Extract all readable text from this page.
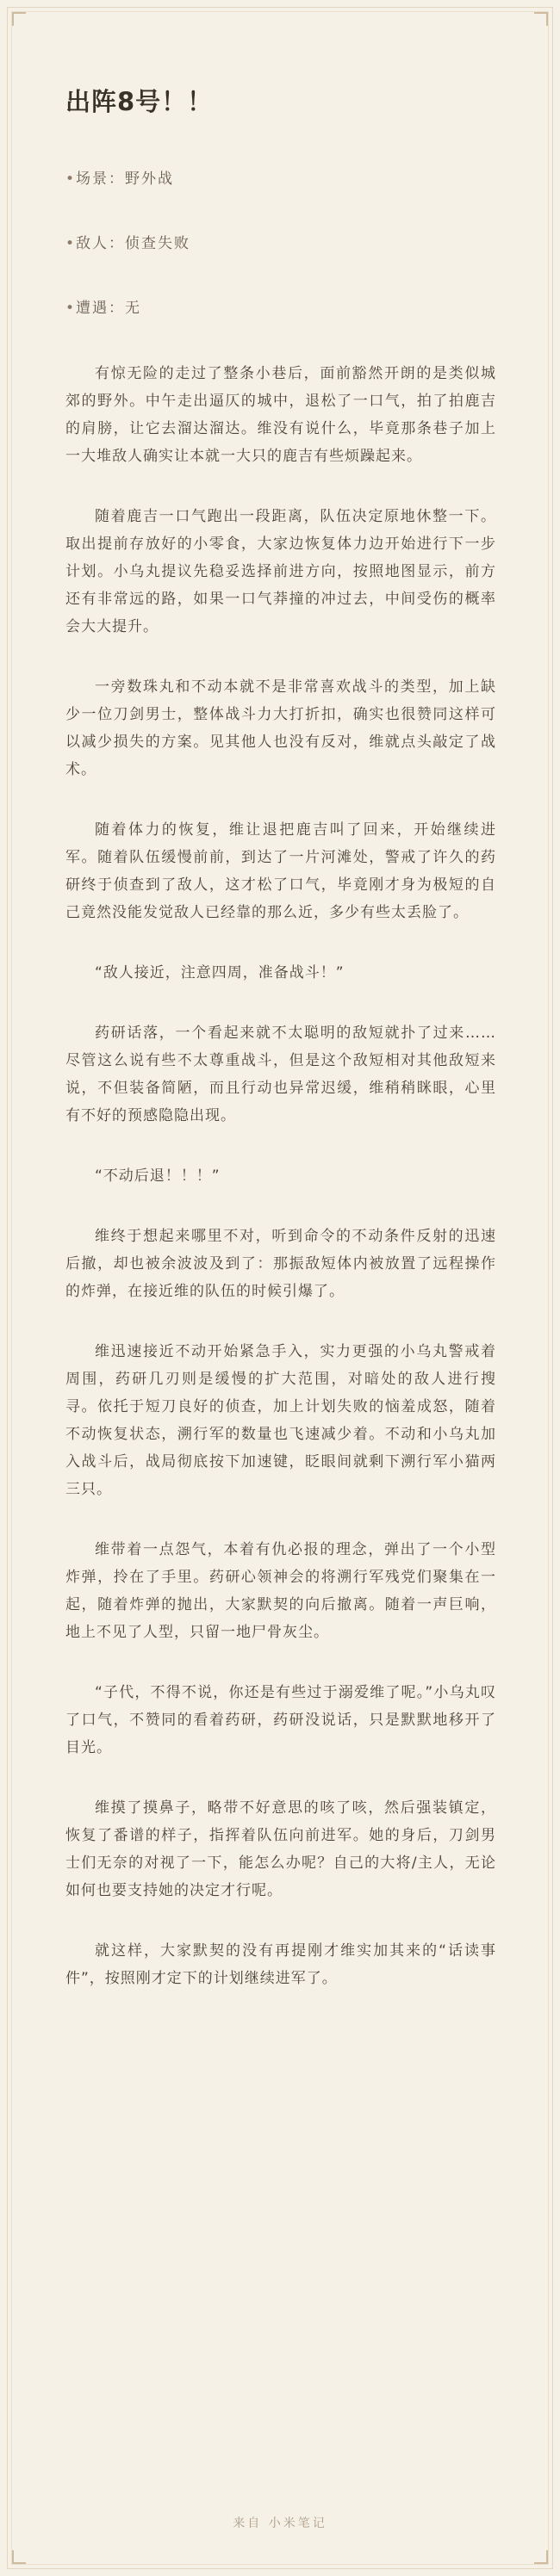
出阵8号！！
•场景：野外战
•敌人：侦查失败
•遭遇：无

有惊无险的走过了整条小巷后，面前豁然开朗的是类似城郊的野外。中午走出逼仄的城中，退松了一口气，拍了拍鹿吉的肩膀，让它去溜达溜达。维没有说什么，毕竟那条巷子加上一大堆敌人确实让本就一大只的鹿吉有些烦躁起来。

随着鹿吉一口气跑出一段距离，队伍决定原地休整一下。取出提前存放好的小零食，大家边恢复体力边开始进行下一步计划。小乌丸提议先稳妥选择前进方向，按照地图显示，前方还有非常远的路，如果一口气莽撞的冲过去，中间受伤的概率会大大提升。

一旁数珠丸和不动本就不是非常喜欢战斗的类型，加上缺少一位刀剑男士，整体战斗力大打折扣，确实也很赞同这样可以减少损失的方案。见其他人也没有反对，维就点头敲定了战术。

随着体力的恢复，维让退把鹿吉叫了回来，开始继续进军。随着队伍缓慢前前，到达了一片河滩处，警戒了许久的药研终于侦查到了敌人，这才松了口气，毕竟刚才身为极短的自己竟然没能发觉敌人已经靠的那么近，多少有些太丢脸了。

“敌人接近，注意四周，准备战斗！”

药研话落，一个看起来就不太聪明的敌短就扑了过来……尽管这么说有些不太尊重战斗，但是这个敌短相对其他敌短来说，不但装备简陋，而且行动也异常迟缓，维稍稍眯眼，心里有不好的预感隐隐出现。

“不动后退！！！”

维终于想起来哪里不对，听到命令的不动条件反射的迅速后撤，却也被余波波及到了：那振敌短体内被放置了远程操作的炸弹，在接近维的队伍的时候引爆了。

维迅速接近不动开始紧急手入，实力更强的小乌丸警戒着周围，药研几刃则是缓慢的扩大范围，对暗处的敌人进行搜寻。依托于短刀良好的侦查，加上计划失败的恼羞成怒，随着不动恢复状态，溯行军的数量也飞速减少着。不动和小乌丸加入战斗后，战局彻底按下加速键，眨眼间就剩下溯行军小猫两三只。

维带着一点怨气，本着有仇必报的理念，弹出了一个小型炸弹，拎在了手里。药研心领神会的将溯行军残党们聚集在一起，随着炸弹的抛出，大家默契的向后撤离。随着一声巨响，地上不见了人型，只留一地尸骨灰尘。

“子代，不得不说，你还是有些过于溺爱维了呢。”小乌丸叹了口气，不赞同的看着药研，药研没说话，只是默默地移开了目光。

维摸了摸鼻子，略带不好意思的咳了咳，然后强装镇定，恢复了番谱的样子，指挥着队伍向前进军。她的身后，刀剑男士们无奈的对视了一下，能怎么办呢？自己的大将/主人，无论如何也要支持她的决定才行呢。

就这样，大家默契的没有再提刚才维实加其来的“话读事件”，按照刚才定下的计划继续进军了。

来自 小米笔记
